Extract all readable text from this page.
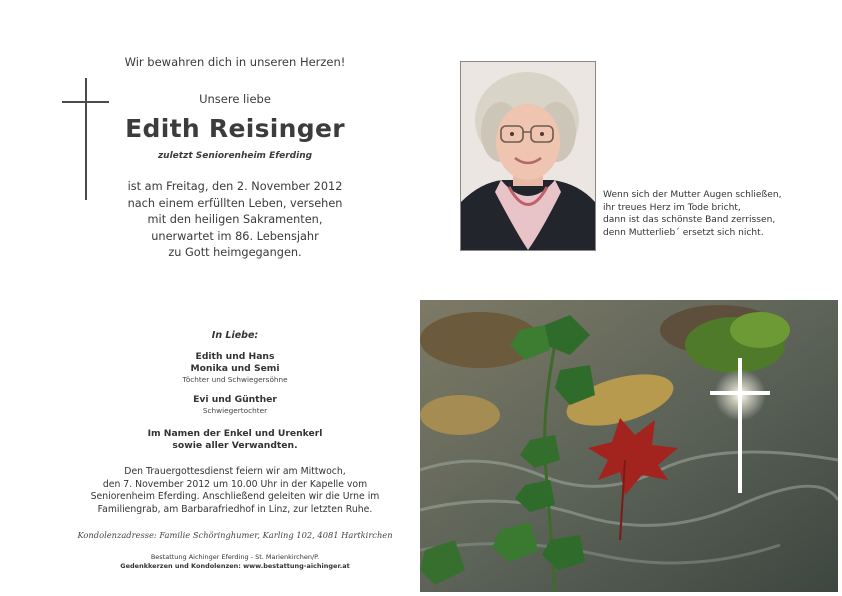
Wir bewahren dich in unseren Herzen!
Unsere liebe
Edith Reisinger
zuletzt Seniorenheim Eferding
ist am Freitag, den 2. November 2012
nach einem erfüllten Leben, versehen
mit den heiligen Sakramenten,
unerwartet im 86. Lebensjahr
zu Gott heimgegangen.
Wenn sich der Mutter Augen schließen,
ihr treues Herz im Tode bricht,
dann ist das schönste Band zerrissen,
denn Mutterlieb´ ersetzt sich nicht.
In Liebe:
Edith und Hans
Monika und Semi
Töchter und Schwiegersöhne
Evi und Günther
Schwiegertochter
Im Namen der Enkel und Urenkerl
sowie aller Verwandten.
Den Trauergottesdienst feiern wir am Mittwoch,
den 7. November 2012 um 10.00 Uhr in der Kapelle vom
Seniorenheim Eferding. Anschließend geleiten wir die Urne im
Familiengrab, am Barbarafriedhof in Linz, zur letzten Ruhe.
Kondolenzadresse: Familie Schöringhumer, Karling 102, 4081 Hartkirchen
Bestattung Aichinger Eferding - St. Marienkirchen/P.
Gedenkkerzen und Kondolenzen: www.bestattung-aichinger.at
